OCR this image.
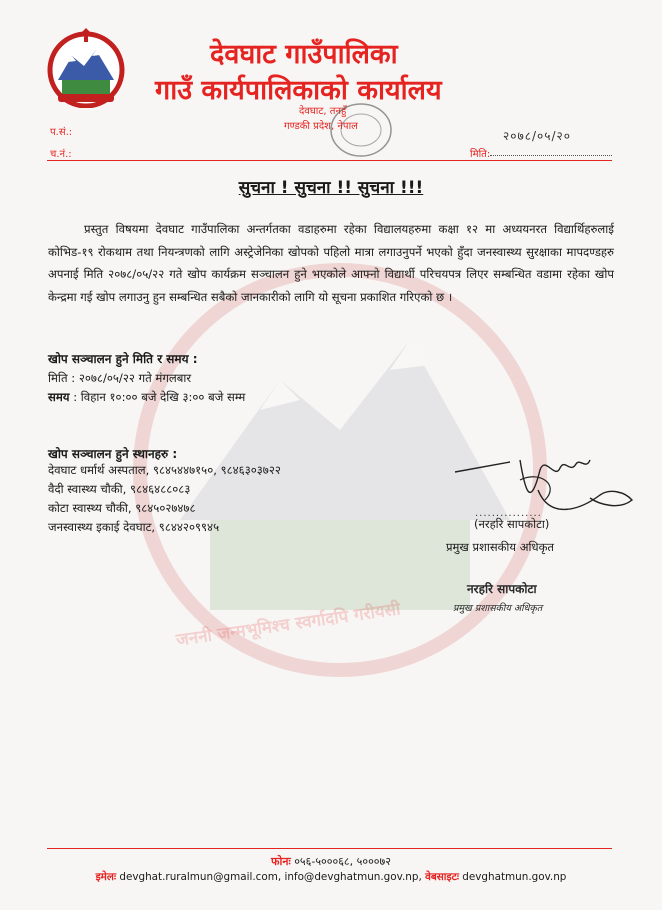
जननी जन्मभूमिश्च स्वर्गादपि गरीयसी
देवघाट गाउँपालिका
गाउँ कार्यपालिकाको कार्यालय
देवघाट, तनहुँ
गण्डकी प्रदेश, नेपाल
प.सं.:
च.नं.:
२०७८/०५/२०
मिति:
सुचना ! सुचना !! सुचना !!!
प्रस्तुत विषयमा देवघाट गाउँपालिका अन्तर्गतका वडाहरुमा रहेका विद्यालयहरुमा कक्षा १२ मा अध्ययनरत विद्यार्थिहरुलाई कोभिड-१९ रोकथाम तथा नियन्त्रणको लागि अस्ट्रेजेनिका खोपको पहिलो मात्रा लगाउनुपर्ने भएको हुँदा जनस्वास्थ्य सुरक्षाका मापदण्डहरु अपनाई मिति २०७८/०५/२२ गते खोप कार्यक्रम सञ्चालन हुने भएकोले आफ्नो विद्यार्थी परिचयपत्र लिएर सम्बन्धित वडामा रहेका खोप केन्द्रमा गई खोप लगाउनु हुन सम्बन्धित सबैको जानकारीको लागि यो सूचना प्रकाशित गरिएको छ ।
खोप सञ्चालन हुने मिति र समय :
मिति : २०७८/०५/२२ गते मंगलबार
समय : विहान १०:०० बजे देखि ३:०० बजे सम्म
खोप सञ्चालन हुने स्थानहरु :
देवघाट धर्मार्थ अस्पताल, ९८४५४४७१५०, ९८४६३०३७२२
वैदी स्वास्थ्य चौकी, ९८४६४८८०८३
कोटा स्वास्थ्य चौकी, ९८४५०२७४७८
जनस्वास्थ्य इकाई देवघाट, ९८४४२०९९४५
................
(नरहरि सापकोटा)
प्रमुख प्रशासकीय अधिकृत
नरहरि सापकोटा
प्रमुख प्रशासकीय अधिकृत
फोनः ०५६-५०००६८, ५०००७२
इमेलः devghat.ruralmun@gmail.com, info@devghatmun.gov.np, वेबसाइटः devghatmun.gov.np
